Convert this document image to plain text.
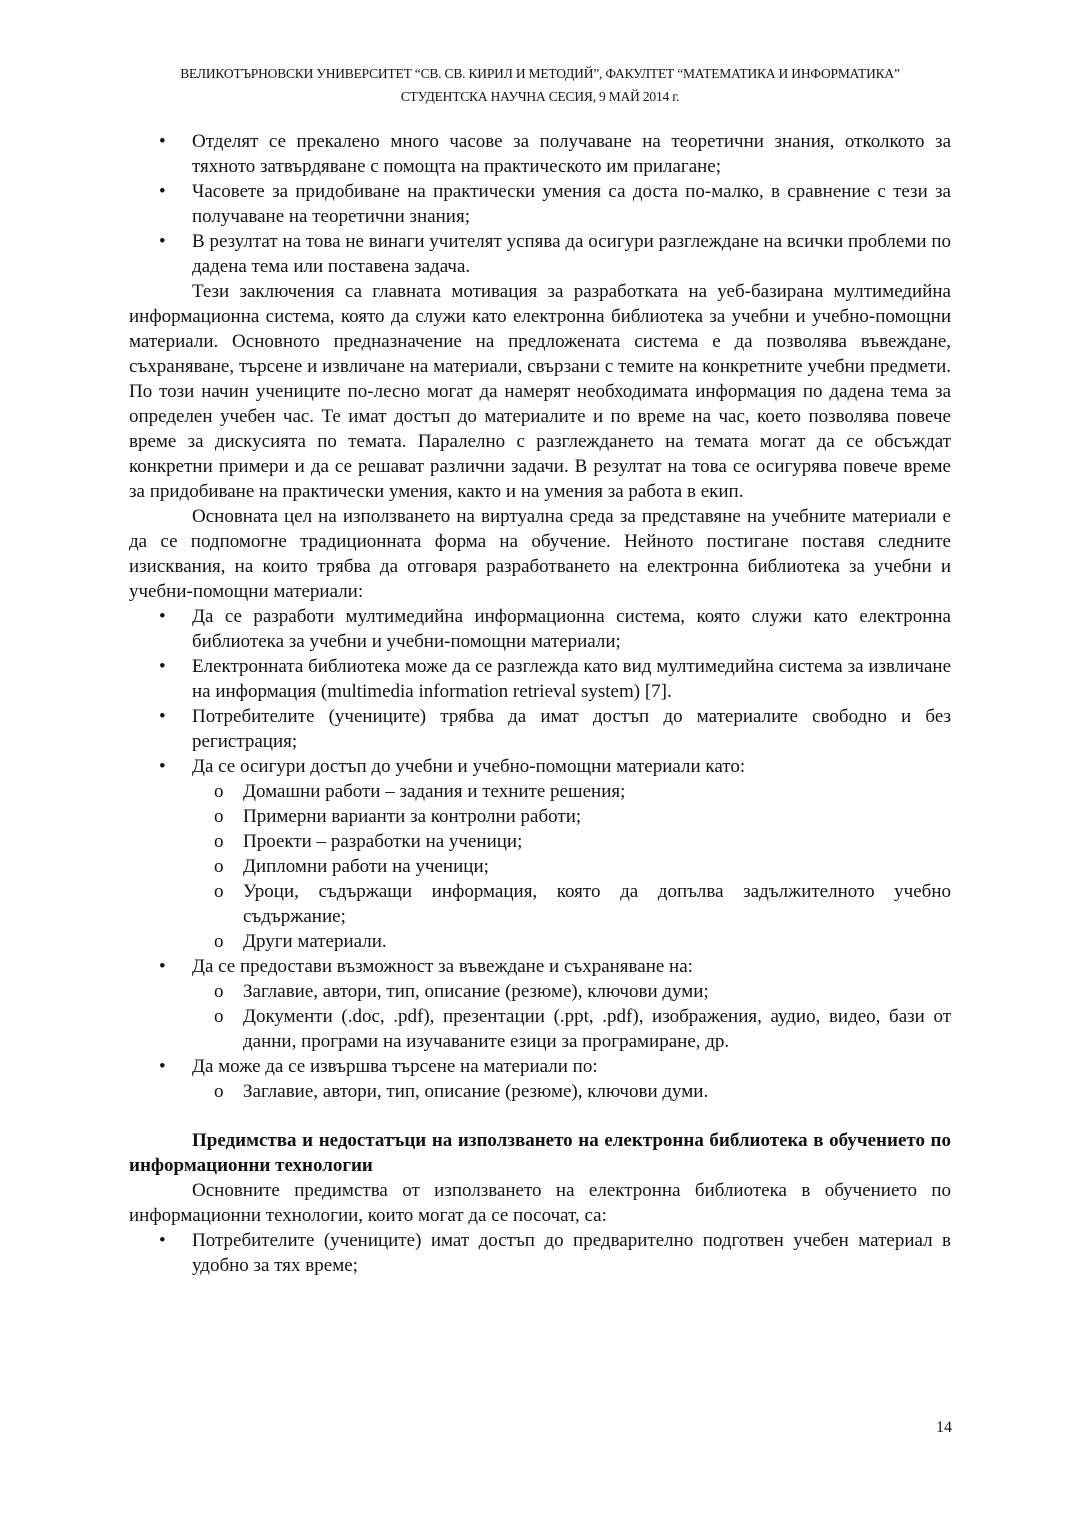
ВЕЛИКОТЪРНОВСКИ УНИВЕРСИТЕТ “СВ. СВ. КИРИЛ И МЕТОДИЙ”, ФАКУЛТЕТ “МАТЕМАТИКА И ИНФОРМАТИКА”
СТУДЕНТСКА НАУЧНА СЕСИЯ, 9 МАЙ 2014 г.
• Отделят се прекалено много часове за получаване на теоретични знания, отколкото за тяхното затвърдяване с помощта на практическото им прилагане;
• Часовете за придобиване на практически умения са доста по-малко, в сравнение с тези за получаване на теоретични знания;
• В резултат на това не винаги учителят успява да осигури разглеждане на всички проблеми по дадена тема или поставена задача.

Тези заключения са главната мотивация за разработката на уеб-базирана мултимедийна информационна система, която да служи като електронна библиотека за учебни и учебно-помощни материали. Основното предназначение на предложената система е да позволява въвеждане, съхраняване, търсене и извличане на материали, свързани с темите на конкретните учебни предмети. По този начин учениците по-лесно могат да намерят необходимата информация по дадена тема за определен учебен час. Те имат достъп до материалите и по време на час, което позволява повече време за дискусията по темата. Паралелно с разглеждането на темата могат да се обсъждат конкретни примери и да се решават различни задачи. В резултат на това се осигурява повече време за придобиване на практически умения, както и на умения за работа в екип.

Основната цел на използването на виртуална среда за представяне на учебните материали е да се подпомогне традиционната форма на обучение. Нейното постигане поставя следните изисквания, на които трябва да отговаря разработването на електронна библиотека за учебни и учебни-помощни материали:

• Да се разработи мултимедийна информационна система, която служи като електронна библиотека за учебни и учебни-помощни материали;
• Електронната библиотека може да се разглежда като вид мултимедийна система за извличане на информация (multimedia information retrieval system) [7].
• Потребителите (учениците) трябва да имат достъп до материалите свободно и без регистрация;
• Да се осигури достъп до учебни и учебно-помощни материали като:
o Домашни работи – задания и техните решения;
o Примерни варианти за контролни работи;
o Проекти – разработки на ученици;
o Дипломни работи на ученици;
o Уроци, съдържащи информация, която да допълва задължителното учебно съдържание;
o Други материали.
• Да се предостави възможност за въвеждане и съхраняване на:
o Заглавие, автори, тип, описание (резюме), ключови думи;
o Документи (.doc, .pdf), презентации (.ppt, .pdf), изображения, аудио, видео, бази от данни, програми на изучаваните езици за програмиране, др.
• Да може да се извършва търсене на материали по:
o Заглавие, автори, тип, описание (резюме), ключови думи.

Предимства и недостатъци на използването на електронна библиотека в обучението по информационни технологии

Основните предимства от използването на електронна библиотека в обучението по информационни технологии, които могат да се посочат, са:

• Потребителите (учениците) имат достъп до предварително подготвен учебен материал в удобно за тях време;
14
